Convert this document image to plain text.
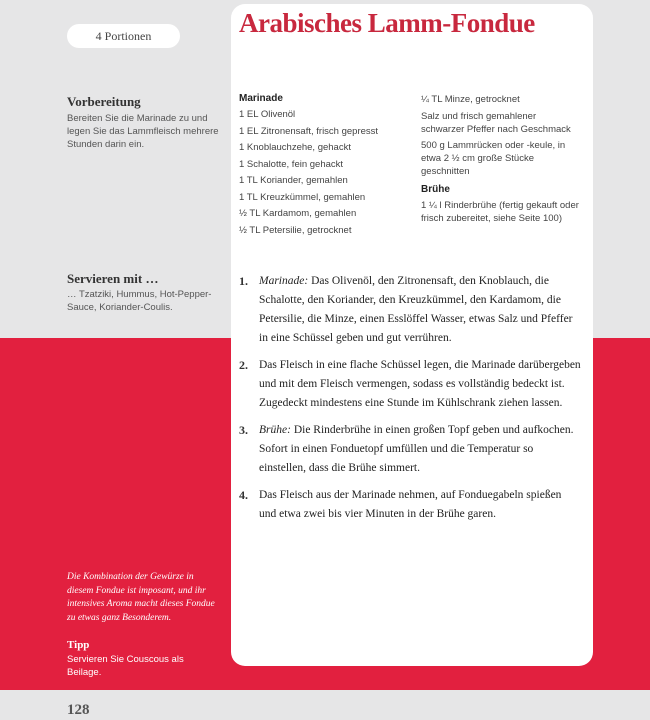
4 Portionen	Arabisches Lamm-Fondue
Vorbereitung
Bereiten Sie die Marinade zu und legen Sie das Lammfleisch mehrere Stunden darin ein.
Servieren mit …
… Tzatziki, Hummus, Hot-Pepper-Sauce, Koriander-Coulis.
Marinade
1 EL Olivenöl
1 EL Zitronensaft, frisch gepresst
1 Knoblauchzehe, gehackt
1 Schalotte, fein gehackt
1 TL Koriander, gemahlen
1 TL Kreuzkümmel, gemahlen
½ TL Kardamom, gemahlen
½ TL Petersilie, getrocknet
¼ TL Minze, getrocknet
Salz und frisch gemahlener schwarzer Pfeffer nach Geschmack
500 g Lammrücken oder -keule, in etwa 2 ½ cm große Stücke geschnitten
Brühe
1 ¼ l Rinderbrühe (fertig gekauft oder frisch zubereitet, siehe Seite 100)
1. Marinade: Das Olivenöl, den Zitronensaft, den Knoblauch, die Schalotte, den Koriander, den Kreuzkümmel, den Kardamom, die Petersilie, die Minze, einen Esslöffel Wasser, etwas Salz und Pfeffer in eine Schüssel geben und gut verrühren.
2. Das Fleisch in eine flache Schüssel legen, die Marinade darübergeben und mit dem Fleisch vermengen, sodass es vollständig bedeckt ist. Zugedeckt mindestens eine Stunde im Kühlschrank ziehen lassen.
3. Brühe: Die Rinderbrühe in einen großen Topf geben und aufkochen. Sofort in einen Fonduetopf umfüllen und die Temperatur so einstellen, dass die Brühe simmert.
4. Das Fleisch aus der Marinade nehmen, auf Fonduegabeln spießen und etwa zwei bis vier Minuten in der Brühe garen.
Die Kombination der Gewürze in diesem Fondue ist imposant, und ihr intensives Aroma macht dieses Fondue zu etwas ganz Besonderem.
Tipp
Servieren Sie Couscous als Beilage.
128
